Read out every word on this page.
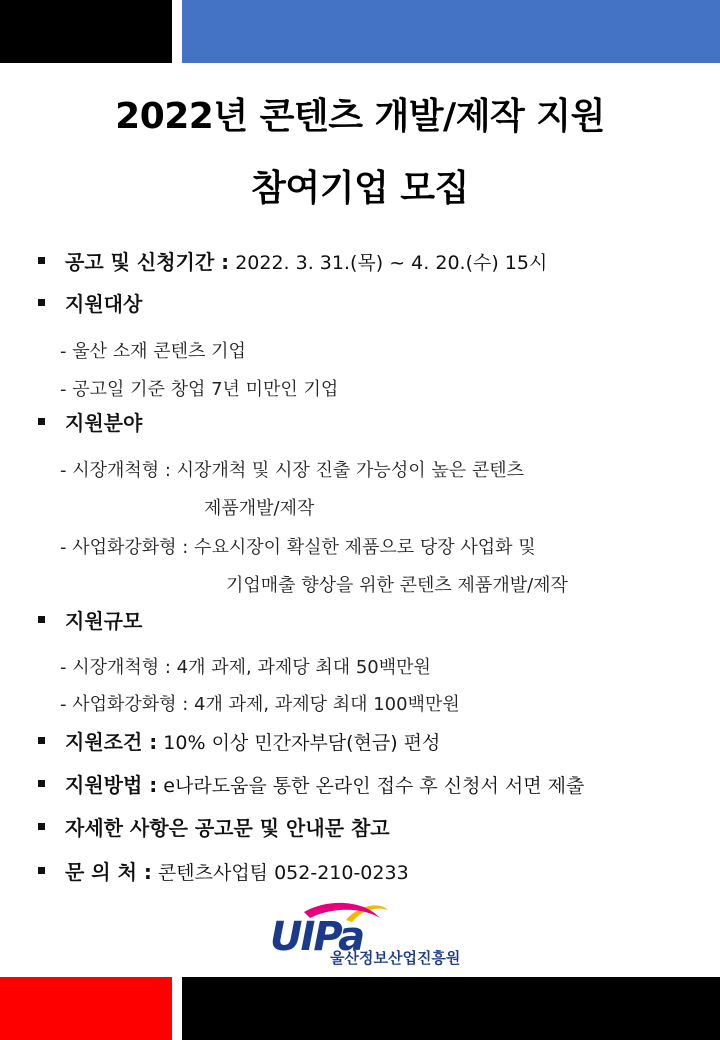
2022년 콘텐츠 개발/제작 지원
참여기업 모집
공고 및 신청기간 : 2022. 3. 31.(목) ~ 4. 20.(수) 15시
지원대상
- 울산 소재 콘텐츠 기업
- 공고일 기준 창업 7년 미만인 기업
지원분야
- 시장개척형 : 시장개척 및 시장 진출 가능성이 높은 콘텐츠
제품개발/제작
- 사업화강화형 : 수요시장이 확실한 제품으로 당장 사업화 및
기업매출 향상을 위한 콘텐츠 제품개발/제작
지원규모
- 시장개척형 : 4개 과제, 과제당 최대 50백만원
- 사업화강화형 : 4개 과제, 과제당 최대 100백만원
지원조건 : 10% 이상 민간자부담(현금) 편성
지원방법 : e나라도움을 통한 온라인 접수 후 신청서 서면 제출
자세한 사항은 공고문 및 안내문 참고
문 의 처 : 콘텐츠사업팀 052-210-0233
UIPa
울산정보산업진흥원
